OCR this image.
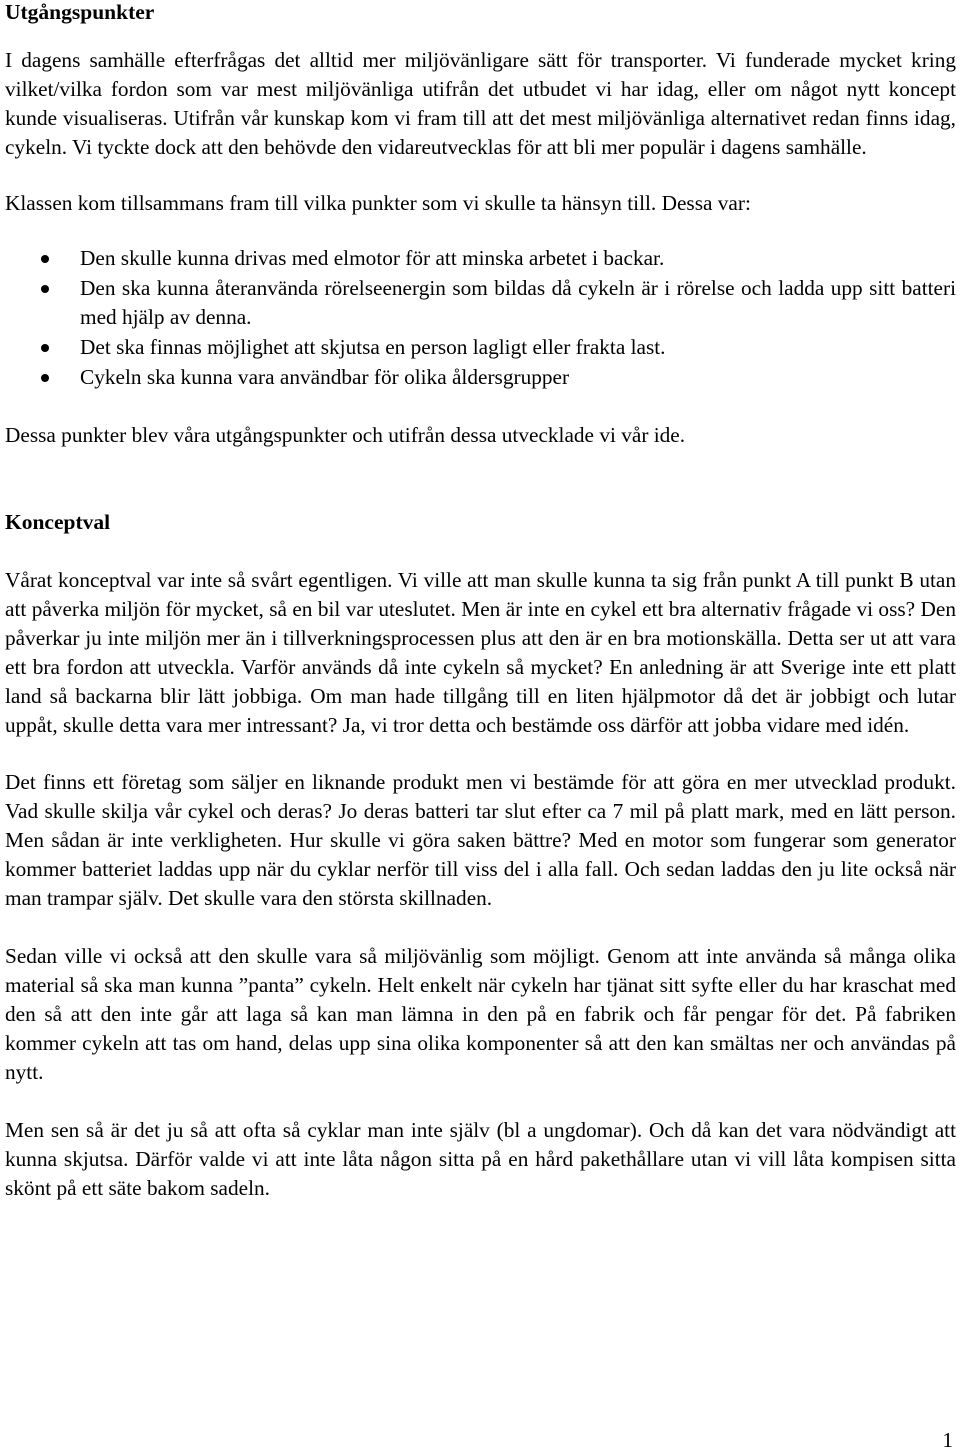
Utgångspunkter

I dagens samhälle efterfrågas det alltid mer miljövänligare sätt för transporter. Vi funderade mycket kring vilket/vilka fordon som var mest miljövänliga utifrån det utbudet vi har idag, eller om något nytt koncept kunde visualiseras. Utifrån vår kunskap kom vi fram till att det mest miljövänliga alternativet redan finns idag, cykeln. Vi tyckte dock att den behövde den vidareutvecklas för att bli mer populär i dagens samhälle.

Klassen kom tillsammans fram till vilka punkter som vi skulle ta hänsyn till. Dessa var:

Den skulle kunna drivas med elmotor för att minska arbetet i backar.
Den ska kunna återanvända rörelseenergin som bildas då cykeln är i rörelse och ladda upp sitt batteri med hjälp av denna.
Det ska finnas möjlighet att skjutsa en person lagligt eller frakta last.
Cykeln ska kunna vara användbar för olika åldersgrupper

Dessa punkter blev våra utgångspunkter och utifrån dessa utvecklade vi vår ide.

Konceptval

Vårat konceptval var inte så svårt egentligen. Vi ville att man skulle kunna ta sig från punkt A till punkt B utan att påverka miljön för mycket, så en bil var uteslutet. Men är inte en cykel ett bra alternativ frågade vi oss? Den påverkar ju inte miljön mer än i tillverkningsprocessen plus att den är en bra motionskälla. Detta ser ut att vara ett bra fordon att utveckla. Varför används då inte cykeln så mycket? En anledning är att Sverige inte ett platt land så backarna blir lätt jobbiga. Om man hade tillgång till en liten hjälpmotor då det är jobbigt och lutar uppåt, skulle detta vara mer intressant? Ja, vi tror detta och bestämde oss därför att jobba vidare med idén.

Det finns ett företag som säljer en liknande produkt men vi bestämde för att göra en mer utvecklad produkt. Vad skulle skilja vår cykel och deras? Jo deras batteri tar slut efter ca 7 mil på platt mark, med en lätt person. Men sådan är inte verkligheten. Hur skulle vi göra saken bättre? Med en motor som fungerar som generator kommer batteriet laddas upp när du cyklar nerför till viss del i alla fall. Och sedan laddas den ju lite också när man trampar själv. Det skulle vara den största skillnaden.

Sedan ville vi också att den skulle vara så miljövänlig som möjligt. Genom att inte använda så många olika material så ska man kunna ”panta” cykeln. Helt enkelt när cykeln har tjänat sitt syfte eller du har kraschat med den så att den inte går att laga så kan man lämna in den på en fabrik och får pengar för det. På fabriken kommer cykeln att tas om hand, delas upp sina olika komponenter så att den kan smältas ner och användas på nytt.

Men sen så är det ju så att ofta så cyklar man inte själv (bl a ungdomar). Och då kan det vara nödvändigt att kunna skjutsa. Därför valde vi att inte låta någon sitta på en hård pakethållare utan vi vill låta kompisen sitta skönt på ett säte bakom sadeln.

1
